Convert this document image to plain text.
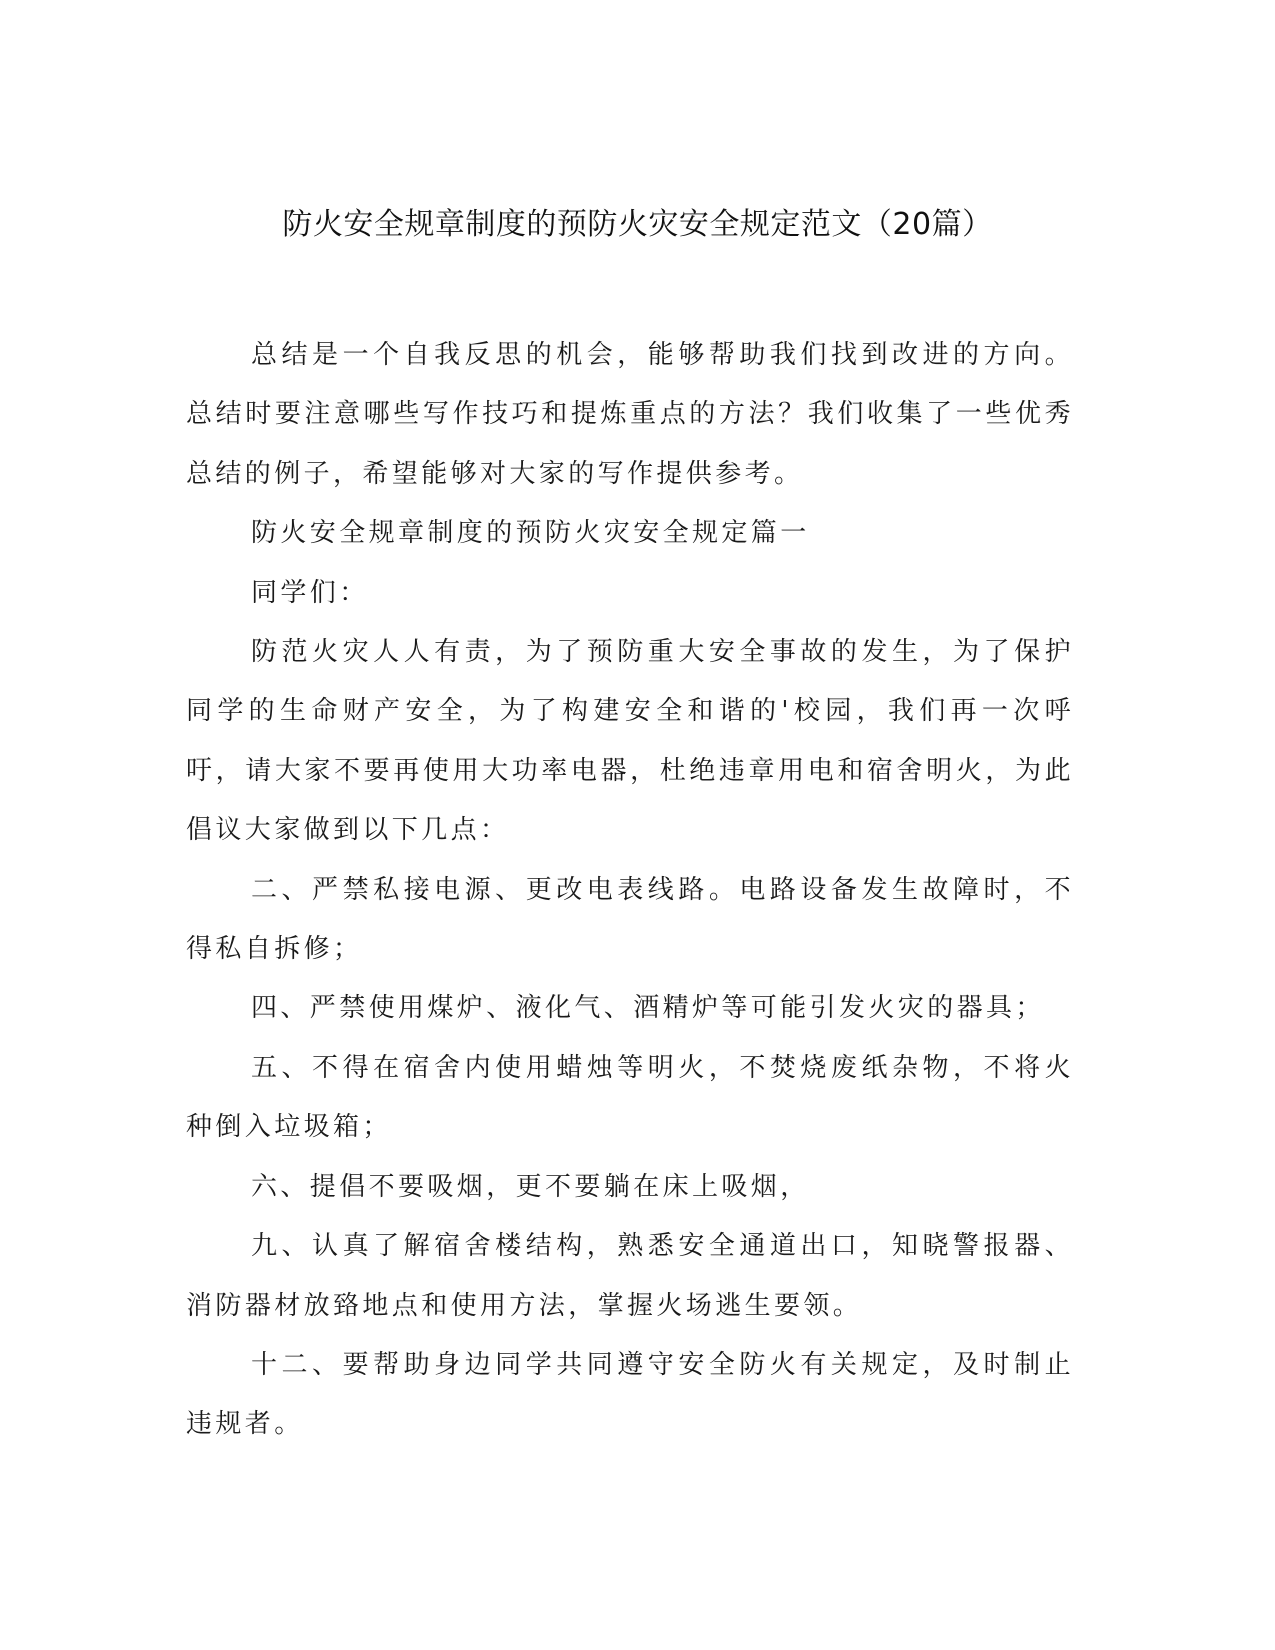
防火安全规章制度的预防火灾安全规定范文（20篇）

总结是一个自我反思的机会，能够帮助我们找到改进的方向。总结时要注意哪些写作技巧和提炼重点的方法？我们收集了一些优秀总结的例子，希望能够对大家的写作提供参考。

防火安全规章制度的预防火灾安全规定篇一

同学们：

防范火灾人人有责，为了预防重大安全事故的发生，为了保护同学的生命财产安全，为了构建安全和谐的'校园，我们再一次呼吁，请大家不要再使用大功率电器，杜绝违章用电和宿舍明火，为此倡议大家做到以下几点：

二、严禁私接电源、更改电表线路。电路设备发生故障时，不得私自拆修；

四、严禁使用煤炉、液化气、酒精炉等可能引发火灾的器具；

五、不得在宿舍内使用蜡烛等明火，不焚烧废纸杂物，不将火种倒入垃圾箱；

六、提倡不要吸烟，更不要躺在床上吸烟，

九、认真了解宿舍楼结构，熟悉安全通道出口，知晓警报器、消防器材放臵地点和使用方法，掌握火场逃生要领。

十二、要帮助身边同学共同遵守安全防火有关规定，及时制止违规者。
